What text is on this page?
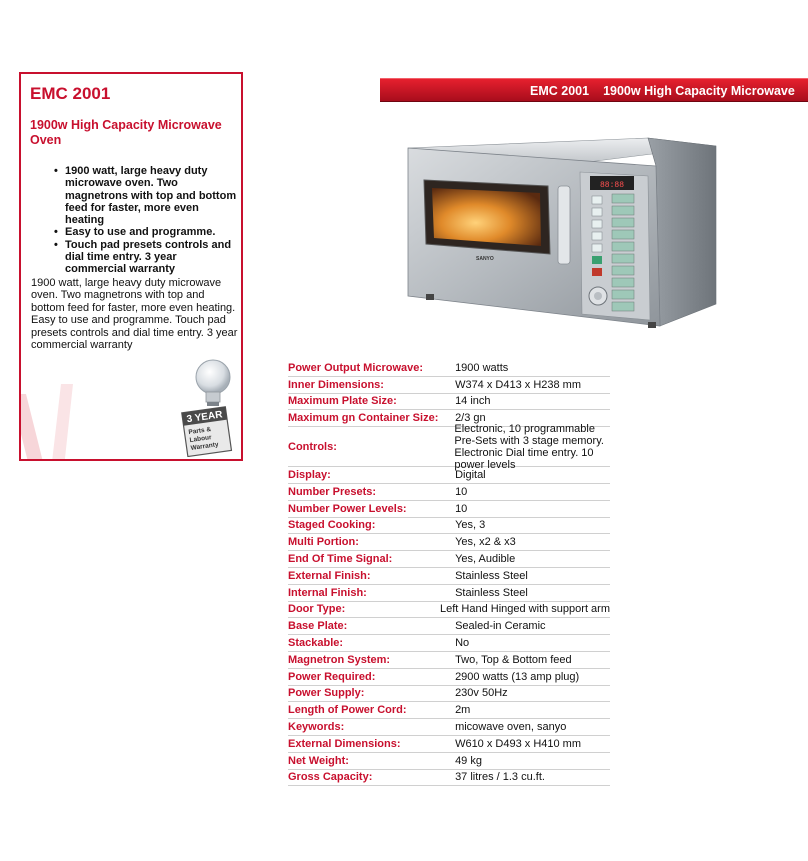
EMC 2001
1900w High Capacity Microwave Oven
• 1900 watt, large heavy duty microwave oven. Two magnetrons with top and bottom feed for faster, more even heating
• Easy to use and programme.
• Touch pad presets controls and dial time entry. 3 year commercial warranty
1900 watt, large heavy duty microwave oven. Two magnetrons with top and bottom feed for faster, more even heating. Easy to use and programme. Touch pad presets controls and dial time entry. 3 year commercial warranty
3 YEAR
Parts &
Labour
Warranty
EMC 2001 1900w High Capacity Microwave
88:88
SANYO
Power Output Microwave:	1900 watts
Inner Dimensions:	W374 x D413 x H238 mm
Maximum Plate Size:	14 inch
Maximum gn Container Size:	2/3 gn
Controls:
Electronic, 10 programmable Pre-Sets with 3 stage memory. Electronic Dial time entry. 10 power levels
Display:	Digital
Number Presets:	10
Number Power Levels:	10
Staged Cooking:	Yes, 3
Multi Portion:	Yes, x2 & x3
End Of Time Signal:	Yes, Audible
External Finish:	Stainless Steel
Internal Finish:	Stainless Steel
Door Type:	Left Hand Hinged with support arm
Base Plate:	Sealed-in Ceramic
Stackable:	No
Magnetron System:	Two, Top & Bottom feed
Power Required:	2900 watts (13 amp plug)
Power Supply:	230v 50Hz
Length of Power Cord:	2m
Keywords:	micowave oven, sanyo
External Dimensions:	W610 x D493 x H410 mm
Net Weight:	49 kg
Gross Capacity:	37 litres / 1.3 cu.ft.
